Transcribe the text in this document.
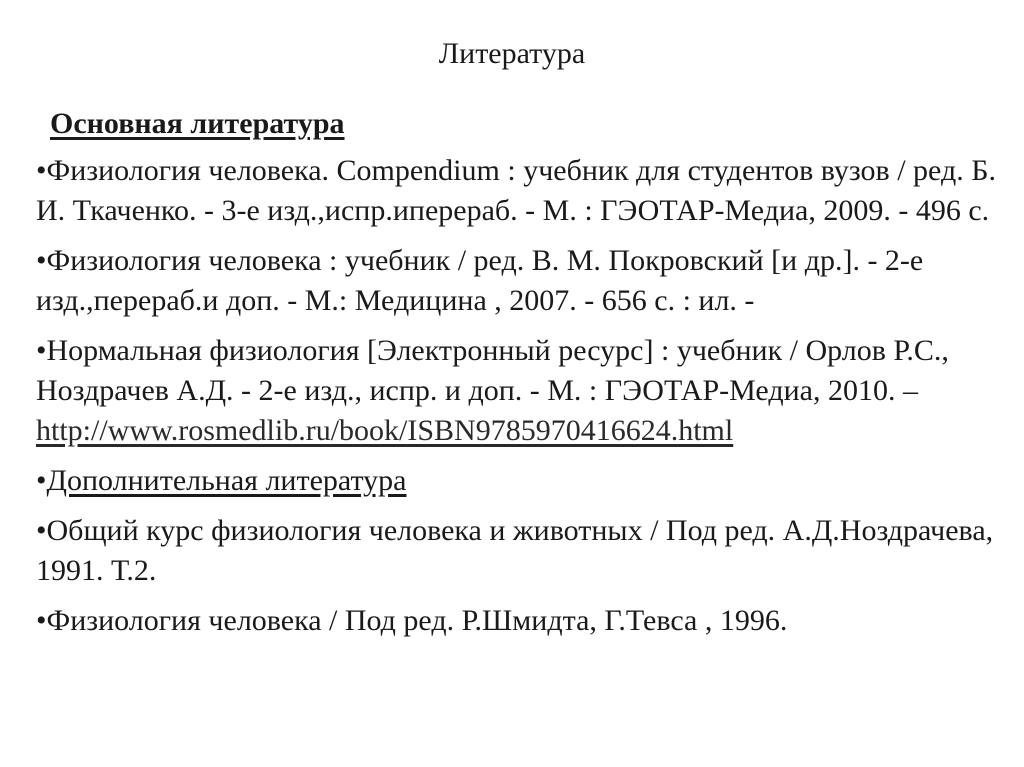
Литература
Основная литература
•Физиология человека. Compendium : учебник для студентов вузов / ред. Б. И. Ткаченко. - 3-е изд.,испр.ипереpаб. - М. : ГЭОТАР-Медиа, 2009. - 496 с.
•Физиология человека : учебник / ред. В. М. Покровский [и др.]. - 2-е изд.,перераб.и доп. - М.: Медицина , 2007. - 656 с. : ил. -
•Нормальная физиология [Электронный ресурс] : учебник / Орлов Р.С., Ноздрачев А.Д. - 2-е изд., испр. и доп. - М. : ГЭОТАР-Медиа, 2010. –
http://www.rosmedlib.ru/book/ISBN9785970416624.html
•Дополнительная литература
•Общий курс физиология человека и животных / Под ред. А.Д.Ноздрачева, 1991. Т.2.
•Физиология человека / Под ред. Р.Шмидта, Г.Тевса , 1996.
